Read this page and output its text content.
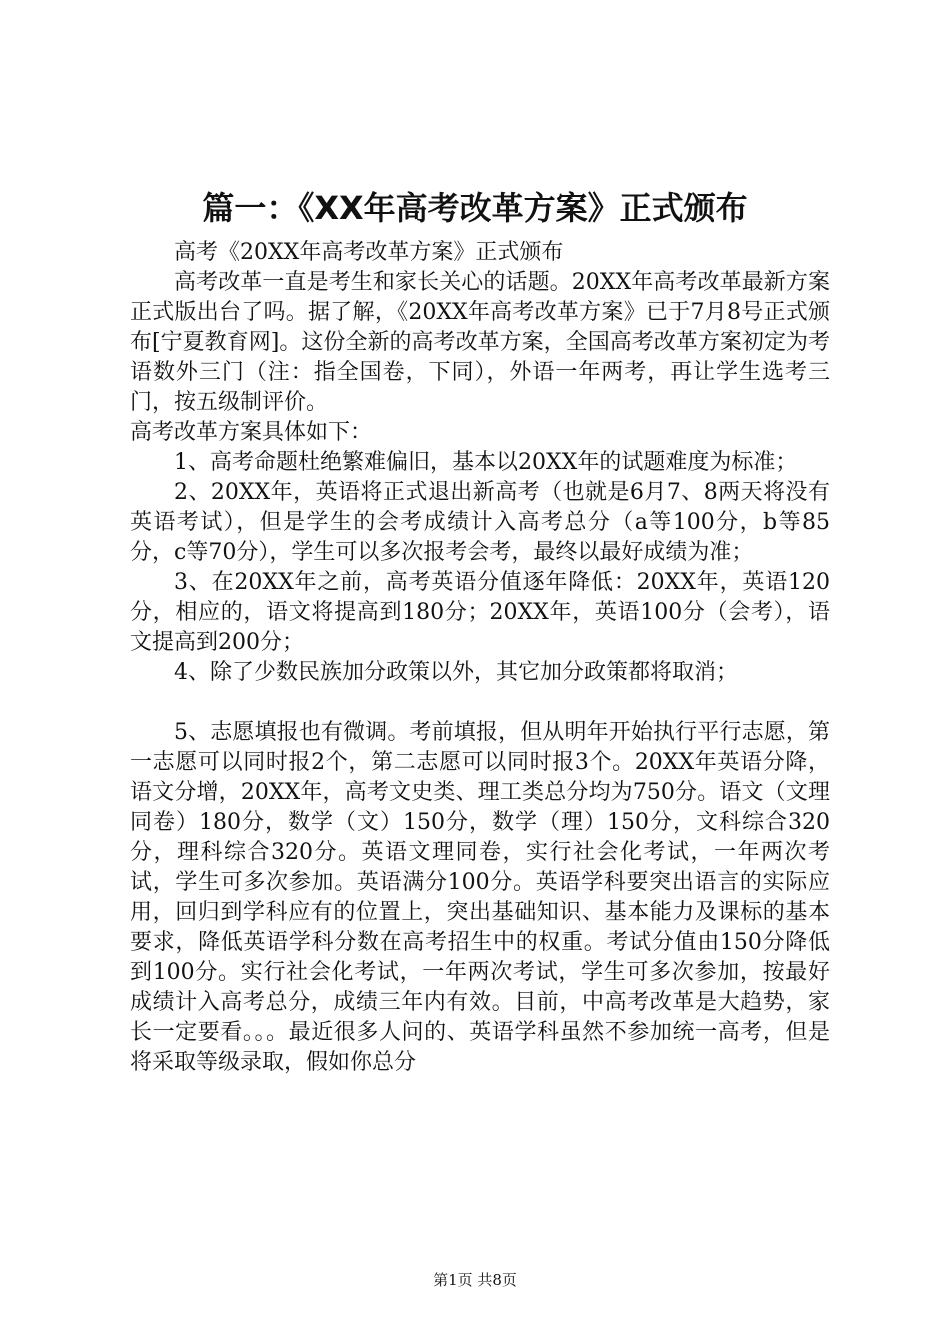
篇一：《XX年高考改革方案》正式颁布

高考《20XX年高考改革方案》正式颁布

高考改革一直是考生和家长关心的话题。20XX年高考改革最新方案正式版出台了吗。据了解，《20XX年高考改革方案》已于7月8号正式颁布[宁夏教育网]。这份全新的高考改革方案，全国高考改革方案初定为考语数外三门（注：指全国卷，下同），外语一年两考，再让学生选考三门，按五级制评价。

高考改革方案具体如下：

1、高考命题杜绝繁难偏旧，基本以20XX年的试题难度为标准；

2、20XX年，英语将正式退出新高考（也就是6月7、8两天将没有英语考试），但是学生的会考成绩计入高考总分（a等100分，b等85分，c等70分），学生可以多次报考会考，最终以最好成绩为准；

3、在20XX年之前，高考英语分值逐年降低：20XX年，英语120分，相应的，语文将提高到180分；20XX年，英语100分（会考），语文提高到200分；

4、除了少数民族加分政策以外，其它加分政策都将取消；

5、志愿填报也有微调。考前填报，但从明年开始执行平行志愿，第一志愿可以同时报2个，第二志愿可以同时报3个。

20XX年英语分降，语文分增，20XX年，高考文史类、理工类总分均为750分。语文（文理同卷）180分，数学（文）150分，数学（理）150分，文科综合320分，理科综合320分。英语文理同卷，实行社会化考试，一年两次考试，学生可多次参加。英语满分100分。英语学科要突出语言的实际应用，回归到学科应有的位置上，突出基础知识、基本能力及课标的基本要求，降低英语学科分数在高考招生中的权重。考试分值由150分降低到100分。实行社会化考试，一年两次考试，学生可多次参加，按最好成绩计入高考总分，成绩三年内有效。目前，中高考改革是大趋势，家长一定要看。。。最近很多人问的、英语学科虽然不参加统一高考，但是将采取等级录取，假如你总分

第1页 共8页
